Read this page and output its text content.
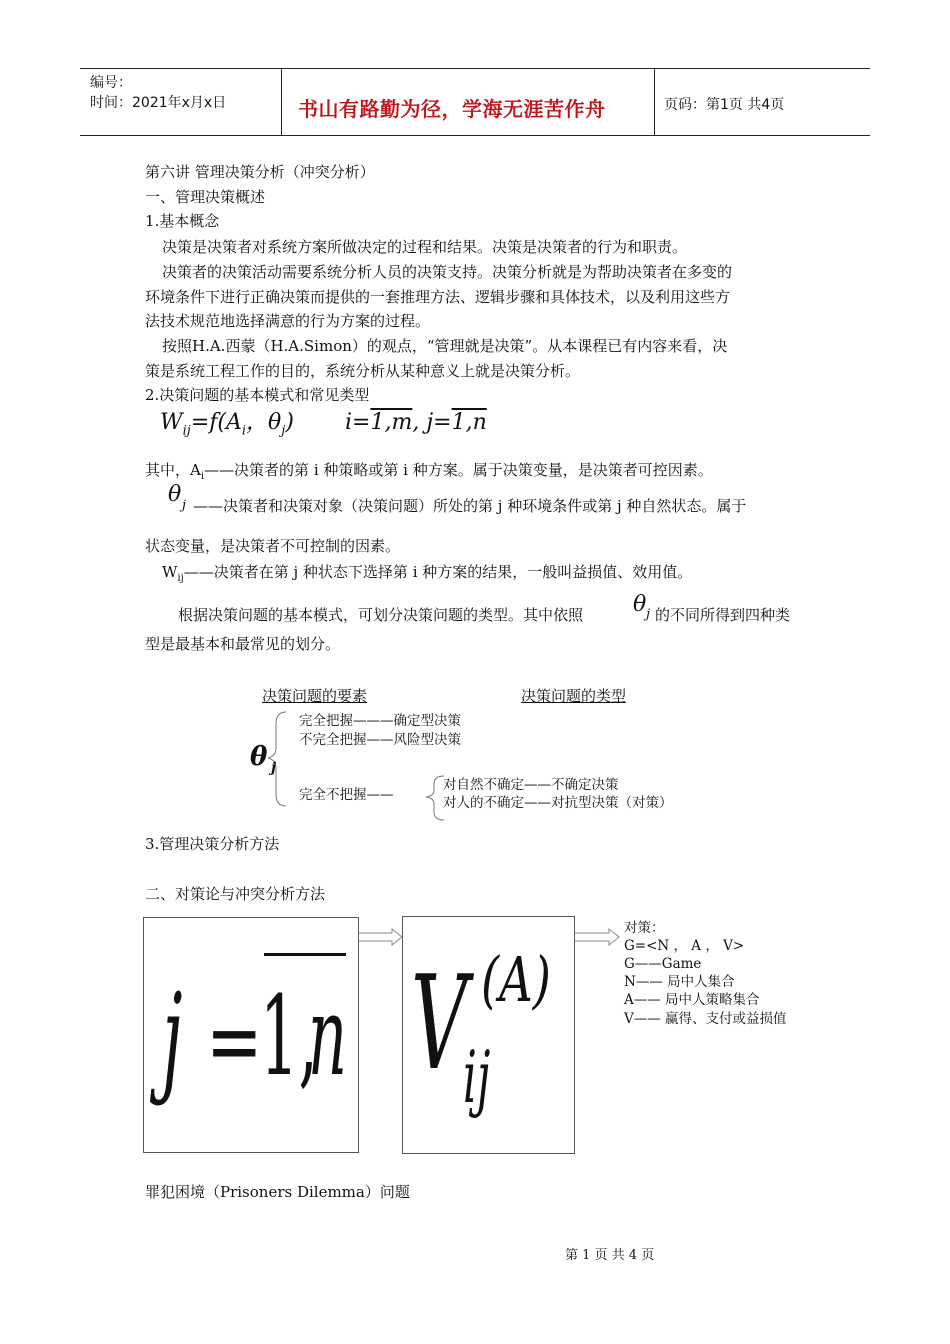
编号：
时间：2021年x月x日	书山有路勤为径，学海无涯苦作舟	页码：第1页 共4页
第六讲 管理决策分析（冲突分析）
一、管理决策概述
1.基本概念
决策是决策者对系统方案所做决定的过程和结果。决策是决策者的行为和职责。
决策者的决策活动需要系统分析人员的决策支持。决策分析就是为帮助决策者在多变的
环境条件下进行正确决策而提供的一套推理方法、逻辑步骤和具体技术，以及利用这些方
法技术规范地选择满意的行为方案的过程。
按照H.A.西蒙（H.A.Simon）的观点，“管理就是决策”。从本课程已有内容来看，决
策是系统工程工作的目的，系统分析从某种意义上就是决策分析。
2.决策问题的基本模式和常见类型
$W_{ij}=f(A_i$，$\theta_j$) i=1,m, j=1,n
其中，$A_i——$决策者的第 i 种策略或第 i 种方案。属于决策变量，是决策者可控因素。
θ j ——决策者和决策对象（决策问题）所处的第 j 种环境条件或第 j 种自然状态。属于
状态变量，是决策者不可控制的因素。
$W_{ij}——$决策者在第 j 种状态下选择第 i 种方案的结果，一般叫益损值、效用值。
根据决策问题的基本模式，可划分决策问题的类型。其中依照 θ j 的不同所得到四种类
型是最基本和最常见的划分。
决策问题的要素	决策问题的类型
θ j
完全把握———确定型决策
不完全把握——风险型决策
完全不把握——
对自然不确定——不确定决策
对人的不确定——对抗型决策（对策）
3.管理决策分析方法
二、对策论与冲突分析方法
j =
1,
n V (A)
ij
对策：
G=<N ， A ， V>
G——Game
N—— 局中人集合
A—— 局中人策略集合
V—— 赢得、支付或益损值
罪犯困境（Prisoners Dilemma）问题
第 1 页 共 4 页
